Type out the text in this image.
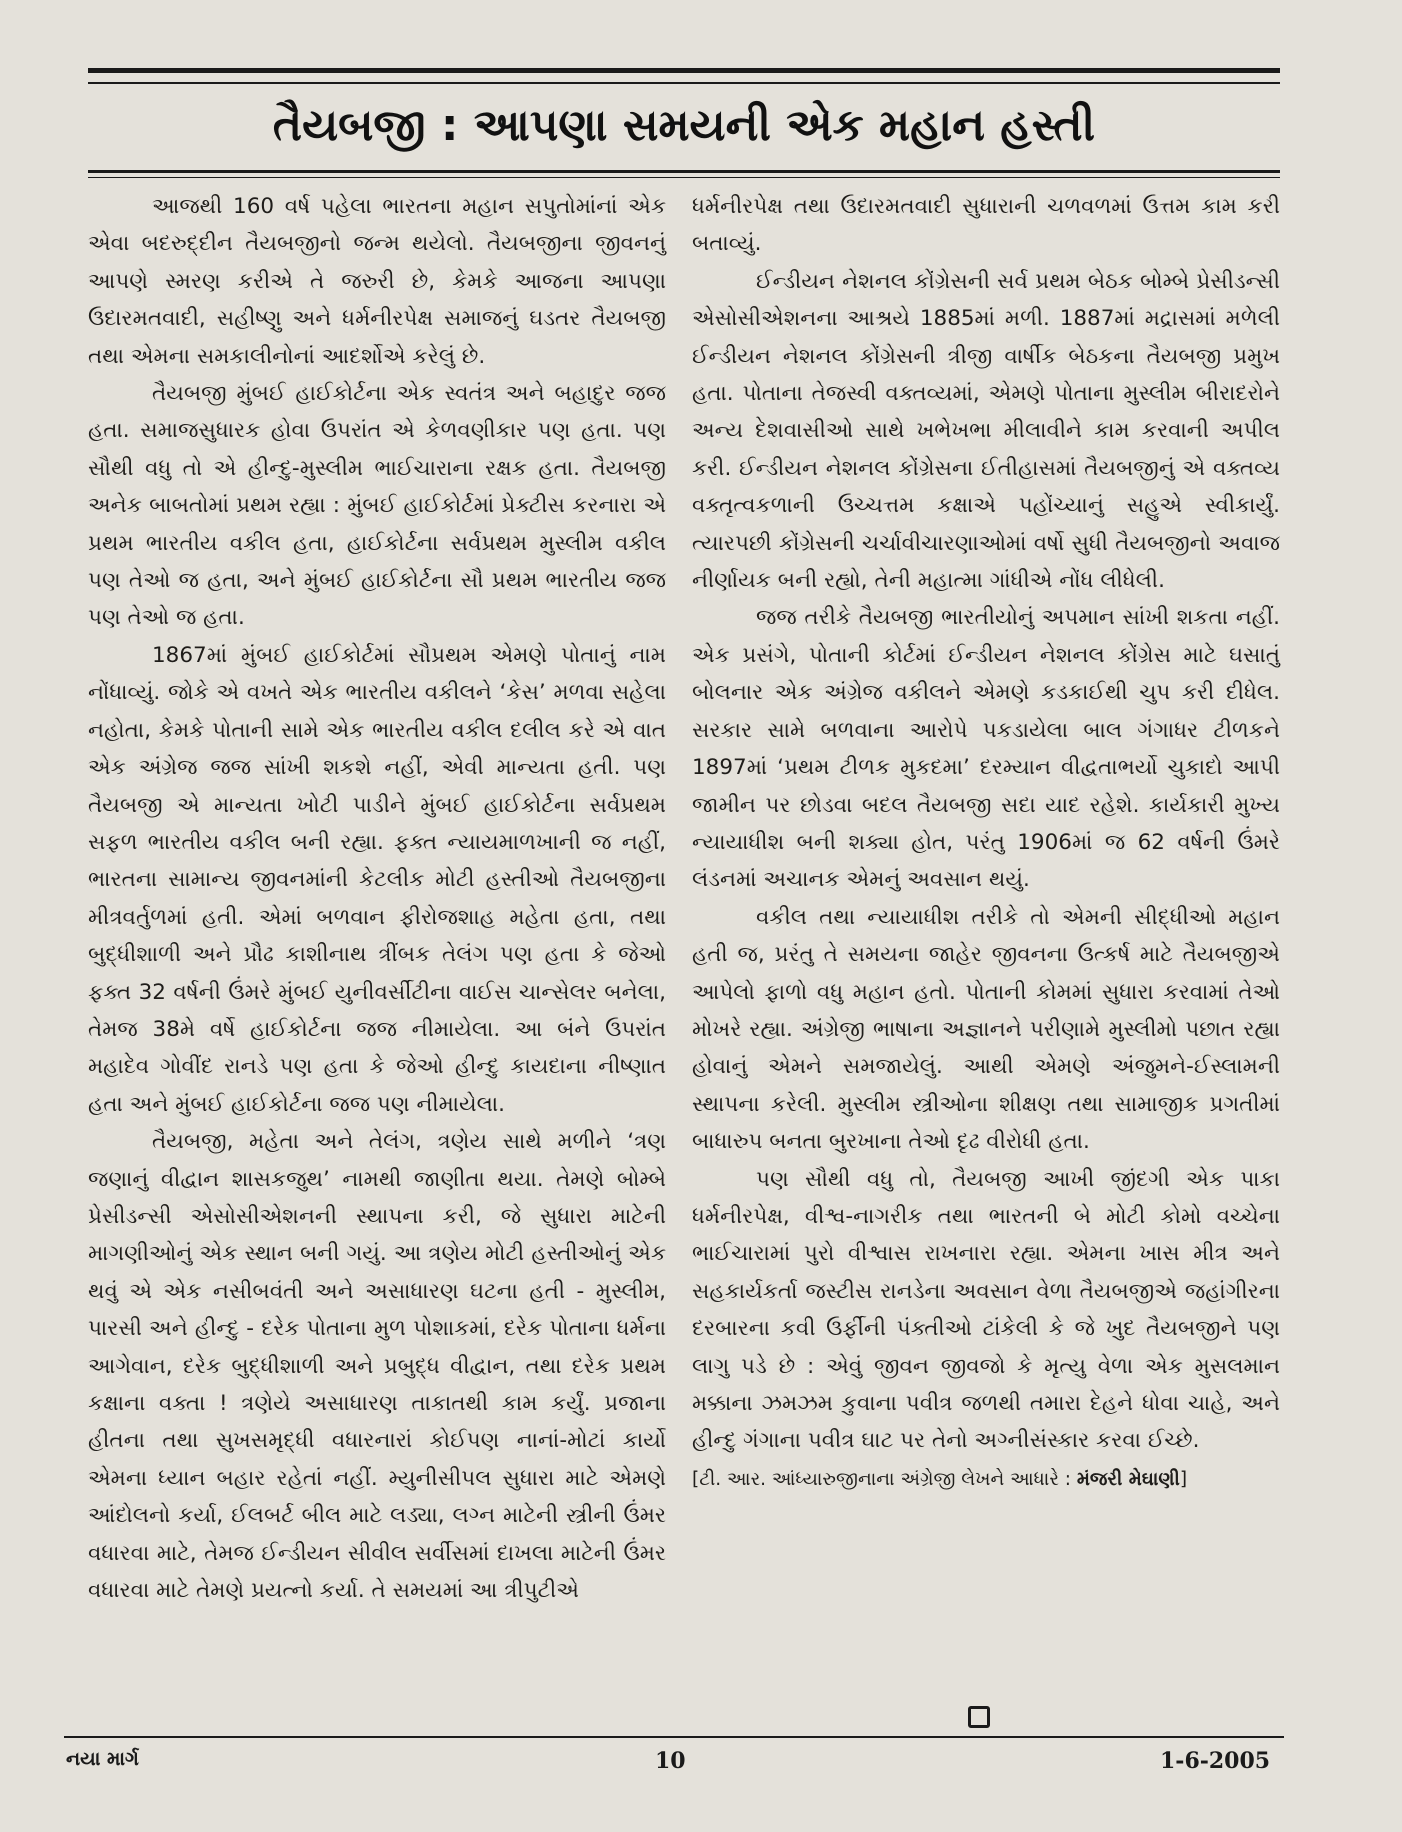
તૈયબજી : આપણા સમયની એક મહાન હસ્તી

આજથી 160 વર્ષ પહેલા ભારતના મહાન સપુતોમાંનાં એક એવા બદરુદ્દીન તૈયબજીનો જન્મ થયેલો. તૈયબજીના જીવનનું આપણે સ્મરણ કરીએ તે જરુરી છે, કેમકે આજના આપણા ઉદારમતવાદી, સહીષ્ણુ અને ધર્મનીરપેક્ષ સમાજનું ઘડતર તૈયબજી તથા એમના સમકાલીનોનાં આદર્શોએ કરેલું છે.

તૈયબજી મુંબઈ હાઈકોર્ટના એક સ્વતંત્ર અને બહાદુર જજ હતા. સમાજસુધારક હોવા ઉપરાંત એ કેળવણીકાર પણ હતા. પણ સૌથી વધુ તો એ હીન્દુ-મુસ્લીમ ભાઈચારાના રક્ષક હતા. તૈયબજી અનેક બાબતોમાં પ્રથમ રહ્યા : મુંબઈ હાઈકોર્ટમાં પ્રેક્ટીસ કરનારા એ પ્રથમ ભારતીય વકીલ હતા, હાઈકોર્ટના સર્વપ્રથમ મુસ્લીમ વકીલ પણ તેઓ જ હતા, અને મુંબઈ હાઈકોર્ટના સૌ પ્રથમ ભારતીય જજ પણ તેઓ જ હતા.

1867માં મુંબઈ હાઈકોર્ટમાં સૌપ્રથમ એમણે પોતાનું નામ નોંધાવ્યું. જોકે એ વખતે એક ભારતીય વકીલને ‘કેસ’ મળવા સહેલા નહોતા, કેમકે પોતાની સામે એક ભારતીય વકીલ દલીલ કરે એ વાત એક અંગ્રેજ જજ સાંખી શકશે નહીં, એવી માન્યતા હતી. પણ તૈયબજી એ માન્યતા ખોટી પાડીને મુંબઈ હાઈકોર્ટના સર્વપ્રથમ સફળ ભારતીય વકીલ બની રહ્યા. ફક્ત ન્યાયમાળખાની જ નહીં, ભારતના સામાન્ય જીવનમાંની કેટલીક મોટી હસ્તીઓ તૈયબજીના મીત્રવર્તુળમાં હતી. એમાં બળવાન ફીરોજશાહ મહેતા હતા, તથા બુદ્ધીશાળી અને પ્રૌઢ કાશીનાથ ત્રીંબક તેલંગ પણ હતા કે જેઓ ફક્ત 32 વર્ષની ઉંમરે મુંબઈ યુનીવર્સીટીના વાઈસ ચાન્સેલર બનેલા, તેમજ 38મે વર્ષે હાઈકોર્ટના જજ નીમાયેલા. આ બંને ઉપરાંત મહાદેવ ગોવીંદ રાનડે પણ હતા કે જેઓ હીન્દુ કાયદાના નીષ્ણાત હતા અને મુંબઈ હાઈકોર્ટના જજ પણ નીમાયેલા.

તૈયબજી, મહેતા અને તેલંગ, ત્રણેય સાથે મળીને ‘ત્રણ જણાનું વીદ્વાન શાસકજુથ’ નામથી જાણીતા થયા. તેમણે બોમ્બે પ્રેસીડન્સી એસોસીએશનની સ્થાપના કરી, જે સુધારા માટેની માગણીઓનું એક સ્થાન બની ગયું. આ ત્રણેય મોટી હસ્તીઓનું એક થવું એ એક નસીબવંતી અને અસાધારણ ઘટના હતી - મુસ્લીમ, પારસી અને હીન્દુ - દરેક પોતાના મુળ પોશાકમાં, દરેક પોતાના ધર્મના આગેવાન, દરેક બુદ્ધીશાળી અને પ્રબુદ્ધ વીદ્વાન, તથા દરેક પ્રથમ કક્ષાના વક્તા ! ત્રણેયે અસાધારણ તાકાતથી કામ કર્યું. પ્રજાના હીતના તથા સુખસમૃદ્ધી વધારનારાં કોઈપણ નાનાં-મોટાં કાર્યો એમના ધ્યાન બહાર રહેતાં નહીં. મ્યુનીસીપલ સુધારા માટે એમણે આંદોલનો કર્યા, ઈલબર્ટ બીલ માટે લડ્યા, લગ્ન માટેની સ્ત્રીની ઉંમર વધારવા માટે, તેમજ ઈન્ડીયન સીવીલ સર્વીસમાં દાખલા માટેની ઉંમર વધારવા માટે તેમણે પ્રયત્નો કર્યા. તે સમયમાં આ ત્રીપુટીએ

ધર્મનીરપેક્ષ તથા ઉદારમતવાદી સુધારાની ચળવળમાં ઉત્તમ કામ કરી બતાવ્યું.

ઈન્ડીયન નેશનલ કોંગ્રેસની સર્વ પ્રથમ બેઠક બોમ્બે પ્રેસીડન્સી એસોસીએશનના આશ્રયે 1885માં મળી. 1887માં મદ્રાસમાં મળેલી ઈન્ડીયન નેશનલ કોંગ્રેસની ત્રીજી વાર્ષીક બેઠકના તૈયબજી પ્રમુખ હતા. પોતાના તેજસ્વી વક્તવ્યમાં, એમણે પોતાના મુસ્લીમ બીરાદરોને અન્ય દેશવાસીઓ સાથે ખભેખભા મીલાવીને કામ કરવાની અપીલ કરી. ઈન્ડીયન નેશનલ કોંગ્રેસના ઈતીહાસમાં તૈયબજીનું એ વક્તવ્ય વક્તૃત્વકળાની ઉચ્ચત્તમ કક્ષાએ પહોંચ્યાનું સહુએ સ્વીકાર્યું. ત્યારપછી કોંગ્રેસની ચર્ચાવીચારણાઓમાં વર્ષો સુધી તૈયબજીનો અવાજ નીર્ણાયક બની રહ્યો, તેની મહાત્મા ગાંધીએ નોંધ લીધેલી.

જજ તરીકે તૈયબજી ભારતીયોનું અપમાન સાંખી શકતા નહીં. એક પ્રસંગે, પોતાની કોર્ટમાં ઈન્ડીયન નેશનલ કોંગ્રેસ માટે ઘસાતું બોલનાર એક અંગ્રેજ વકીલને એમણે કડકાઈથી ચુપ કરી દીધેલ. સરકાર સામે બળવાના આરોપે પકડાયેલા બાલ ગંગાધર ટીળકને 1897માં ‘પ્રથમ ટીળક મુકદમા’ દરમ્યાન વીદ્વતાભર્યો ચુકાદો આપી જામીન પર છોડવા બદલ તૈયબજી સદા યાદ રહેશે. કાર્યકારી મુખ્ય ન્યાયાધીશ બની શક્યા હોત, પરંતુ 1906માં જ 62 વર્ષની ઉંમરે લંડનમાં અચાનક એમનું અવસાન થયું.

વકીલ તથા ન્યાયાધીશ તરીકે તો એમની સીદ્ધીઓ મહાન હતી જ, પ્રરંતુ તે સમયના જાહેર જીવનના ઉત્કર્ષ માટે તૈયબજીએ આપેલો ફાળો વધુ મહાન હતો. પોતાની કોમમાં સુધારા કરવામાં તેઓ મોખરે રહ્યા. અંગ્રેજી ભાષાના અજ્ઞાનને પરીણામે મુસ્લીમો પછાત રહ્યા હોવાનું એમને સમજાયેલું. આથી એમણે અંજુમને-ઈસ્લામની સ્થાપના કરેલી. મુસ્લીમ સ્ત્રીઓના શીક્ષણ તથા સામાજીક પ્રગતીમાં બાધારુપ બનતા બુરખાના તેઓ દૃઢ વીરોધી હતા.

પણ સૌથી વધુ તો, તૈયબજી આખી જીંદગી એક પાકા ધર્મનીરપેક્ષ, વીશ્વ-નાગરીક તથા ભારતની બે મોટી કોમો વચ્ચેના ભાઈચારામાં પુરો વીશ્વાસ રાખનારા રહ્યા. એમના ખાસ મીત્ર અને સહકાર્યકર્તા જસ્ટીસ રાનડેના અવસાન વેળા તૈયબજીએ જહાંગીરના દરબારના કવી ઉર્ફીની પંક્તીઓ ટાંકેલી કે જે ખુદ તૈયબજીને પણ લાગુ પડે છે : એવું જીવન જીવજો કે મૃત્યુ વેળા એક મુસલમાન મક્કાના ઝમઝમ કુવાના પવીત્ર જળથી તમારા દેહને ધોવા ચાહે, અને હીન્દુ ગંગાના પવીત્ર ઘાટ પર તેનો અગ્નીસંસ્કાર કરવા ઈચ્છે.

[ટી. આર. આંધ્યારુજીનાના અંગ્રેજી લેખને આધારે : મંજરી મેઘાણી]

નયા માર્ગ	10	1-6-2005
